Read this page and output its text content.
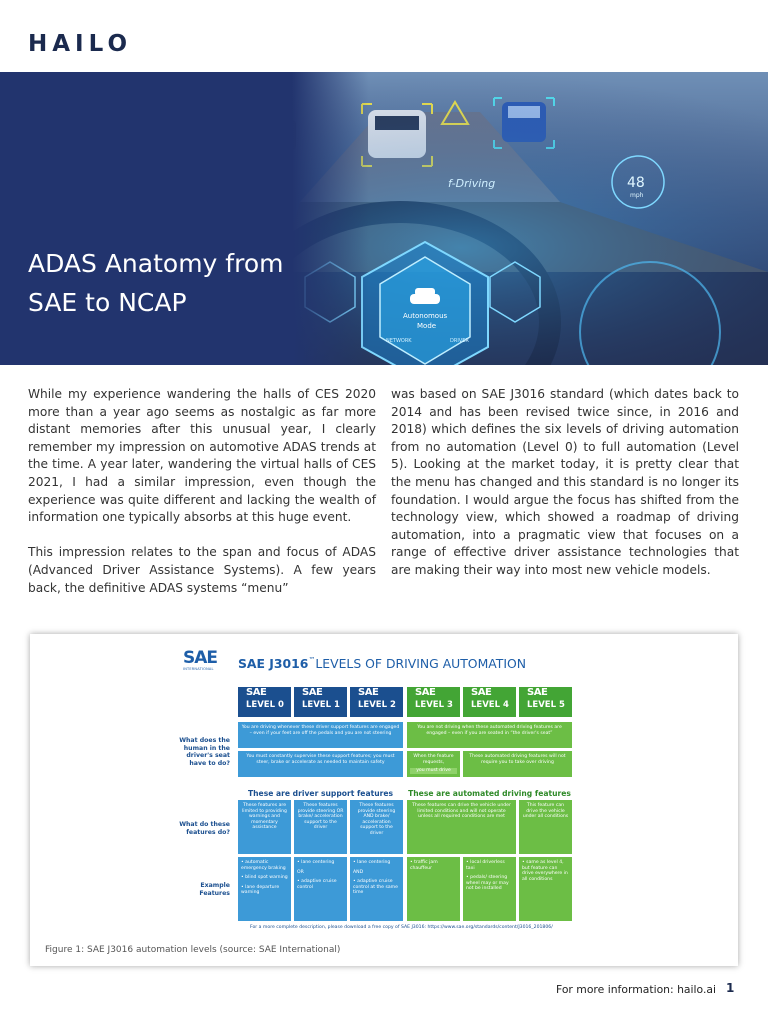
HAILO
ADAS Anatomy from
SAE to NCAP

While my experience wandering the halls of CES 2020 more than a year ago seems as nostalgic as far more distant memories after this unusual year, I clearly remember my impression on automotive ADAS trends at the time. A year later, wandering the virtual halls of CES 2021, I had a similar impression, even though the experience was quite different and lacking the wealth of information one typically absorbs at this huge event.

This impression relates to the span and focus of ADAS (Advanced Driver Assistance Systems). A few years back, the definitive ADAS systems “menu”

was based on SAE J3016 standard (which dates back to 2014 and has been revised twice since, in 2016 and 2018) which defines the six levels of driving automation from no automation (Level 0) to full automation (Level 5). Looking at the market today, it is pretty clear that the menu has changed and this standard is no longer its foundation. I would argue the focus has shifted from the technology view, which showed a roadmap of driving automation, into a pragmatic view that focuses on a range of effective driver assistance technologies that are making their way into most new vehicle models.

SAE
INTERNATIONAL SAE J3016™LEVELS OF DRIVING AUTOMATION
SAE
LEVEL 0
SAE
LEVEL 1
SAE
LEVEL 2
SAE
LEVEL 3
SAE
LEVEL 4
SAE
LEVEL 5
What does the human in the driver's seat have to do?
What do these features do?
Example Features
You are driving whenever these driver support features are engaged – even if your feet are off the pedals and you are not steering
You must constantly supervise these support features; you must steer, brake or accelerate as needed to maintain safety
You are not driving when these automated driving features are engaged – even if you are seated in “the driver's seat”
When the feature requests,
you must drive
These automated driving features will not require you to take over driving
These are driver support features	These are automated driving features
These features are limited to providing warnings and momentary assistance
These features provide steering OR brake/ acceleration support to the driver
These features provide steering AND brake/ acceleration support to the driver
These features can drive the vehicle under limited conditions and will not operate unless all required conditions are met
This feature can drive the vehicle under all conditions
• automatic emergency braking
• blind spot warning
• lane departure warning
• lane centering
OR
• adaptive cruise control
• lane centering
AND
• adaptive cruise control at the same time
• traffic jam chauffeur
• local driverless taxi
• pedals/ steering wheel may or may not be installed
• same as level 4, but feature can drive everywhere in all conditions
For a more complete description, please download a free copy of SAE J3016: https://www.sae.org/standards/content/J3016_201806/
Figure 1: SAE J3016 automation levels (source: SAE International)
For more information: hailo.ai 1
